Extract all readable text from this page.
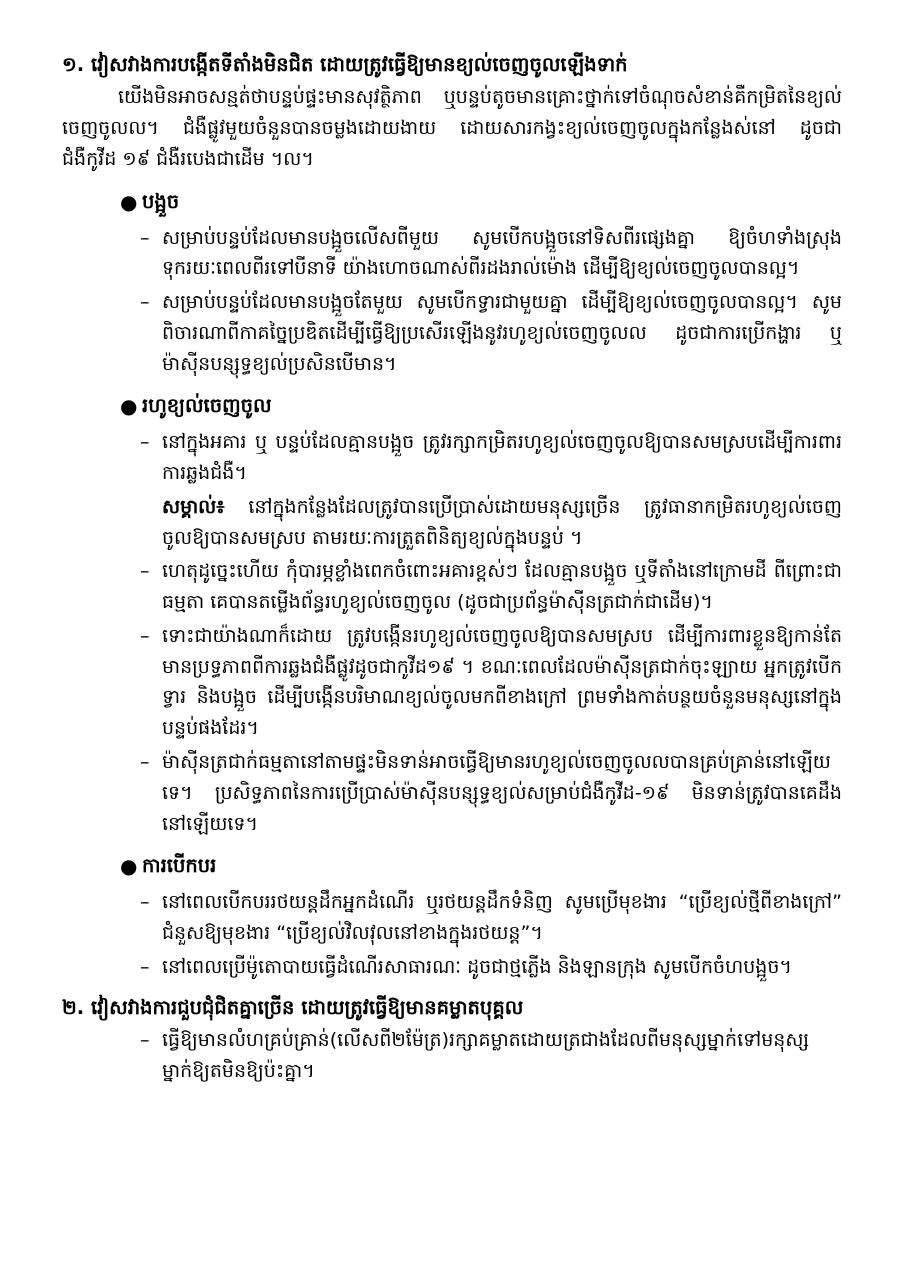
១. វៀសវាងការបង្កើតទីតាំងមិនជិត ដោយត្រូវធ្វើឱ្យមានខ្យល់ចេញចូលឡើងទាក់
យើងមិនអាចសន្មត់ថាបន្ទប់ផ្ទះមានសុវត្ថិភាព ឬបន្ទប់តូចមានគ្រោះថ្នាក់ទៅចំណុចសំខាន់គឺកម្រិតនៃខ្យល់ចេញចូលល។ ជំងឺផ្លូវមួយចំនួនបានចម្លងដោយងាយ ដោយសារកង្វះខ្យល់ចេញចូលក្នុងកន្លែងស់នៅ ដូចជាជំងឺកូវីដ ១៩ ជំងឺរបេងជាដើម ។ល។
● បង្អួច
– សម្រាប់បន្ទប់ដែលមានបង្អួចលើសពីមួយ សូមបើកបង្អួចនៅទិសពីរផ្សេងគ្នា ឱ្យចំហទាំងស្រុង ទុករយៈពេលពីរទៅបីនាទី យ៉ាងហោចណាស់ពីរដងរាល់ម៉ោង ដើម្បីឱ្យខ្យល់ចេញចូលបានល្អ។
– សម្រាប់បន្ទប់ដែលមានបង្អួចតែមួយ សូមបើកទ្វារជាមួយគ្នា ដើម្បីឱ្យខ្យល់ចេញចូលបានល្អ។ សូមពិចារណាពីកាគច្នៃប្រឌិតដើម្បីធ្វើឱ្យប្រសើរឡើងនូវរហូខ្យល់ចេញចូលល ដូចជាការប្រើកង្ហារ ឬម៉ាស៊ីនបន្សុទ្ធខ្យល់ប្រសិនបើមាន។
● រហូខ្យល់ចេញចូល
– នៅក្នុងអគារ ឬ បន្ទប់ដែលគ្មានបង្អួច ត្រូវរក្សាកម្រិតរហូខ្យល់ចេញចូលឱ្យបានសមស្របដើម្បីការពារការឆ្លងជំងឺ។
សម្គាល់៖ នៅក្នុងកន្លែងដែលត្រូវបានប្រើប្រាស់ដោយមនុស្សច្រើន ត្រូវធានាកម្រិតរហូខ្យល់ចេញចូលឱ្យបានសមស្រប តាមរយៈការត្រួតពិនិត្យខ្យល់ក្នុងបន្ទប់ ។
– ហេតុដូច្នេះហើយ កុំបារម្ភខ្លាំងពេកចំពោះអគារខ្ពស់ៗ ដែលគ្មានបង្អួច ឬទីតាំងនៅក្រោមដី ពីព្រោះជាធម្មតា គេបានតម្លើងព័ន្ធរហូខ្យល់ចេញចូល (ដូចជាប្រព័ន្ធម៉ាស៊ីនត្រជាក់ជាដើម)។
– ទោះជាយ៉ាងណាក៏ដោយ ត្រូវបង្កើនរហូខ្យល់ចេញចូលឱ្យបានសមស្រប ដើម្បីការពារខ្លួនឱ្យកាន់តែមានប្រទ្ធភាពពីការឆ្លងជំងឺផ្លូវដូចជាកូវីដ១៩ ។ ខណៈពេលដែលម៉ាស៊ីនត្រជាក់ចុះឡ្យាយ អ្នកត្រូវបើកទ្វារ និងបង្អួច ដើម្បីបង្កើនបរិមាណខ្យល់ចូលមកពីខាងក្រៅ ព្រមទាំងកាត់បន្ថយចំនួនមនុស្សនៅក្នុងបន្ទប់ផងដែរ។
– ម៉ាស៊ីនត្រជាក់ធម្មតានៅតាមផ្ទះមិនទាន់អាចធ្វើឱ្យមានរហូខ្យល់ចេញចូលលបានគ្រប់គ្រាន់នៅឡើយទេ។ ប្រសិទ្ធភាពនៃការប្រើប្រាស់ម៉ាស៊ីនបន្សុទ្ធខ្យល់សម្រាប់ជំងឺកូវីដ-១៩ មិនទាន់ត្រូវបានគេដឹងនៅឡើយទេ។
● ការបើកបរ
– នៅពេលបើកបររថយន្តដឹកអ្នកដំណើរ ឬរថយន្តដឹកទំនិញ សូមប្រើមុខងារ “ប្រើខ្យល់ថ្មីពីខាងក្រៅ” ជំនួសឱ្យមុខងារ “ប្រើខ្យល់វិលវុលនៅខាងក្នុងរថយន្ត”។
– នៅពេលប្រើម៉ូតោបាយធ្វើដំណើរសាធារណៈ ដូចជាថ្មភ្លើង និងឡានក្រុង សូមបើកចំហបង្អួច។
២. វៀសវាងការជួបជុំជិតគ្នាច្រើន ដោយត្រូវធ្វើឱ្យមានគម្លាតបុគ្គល
– ធ្វើឱ្យមានលំហគ្រប់គ្រាន់(លើសពី២ម៉ែត្រ)រក្សាគម្លាតដោយត្រជាងដែលពីមនុស្សម្នាក់ទៅមនុស្សម្នាក់ឱ្យតមិនឱ្យប៉ះគ្នា។
